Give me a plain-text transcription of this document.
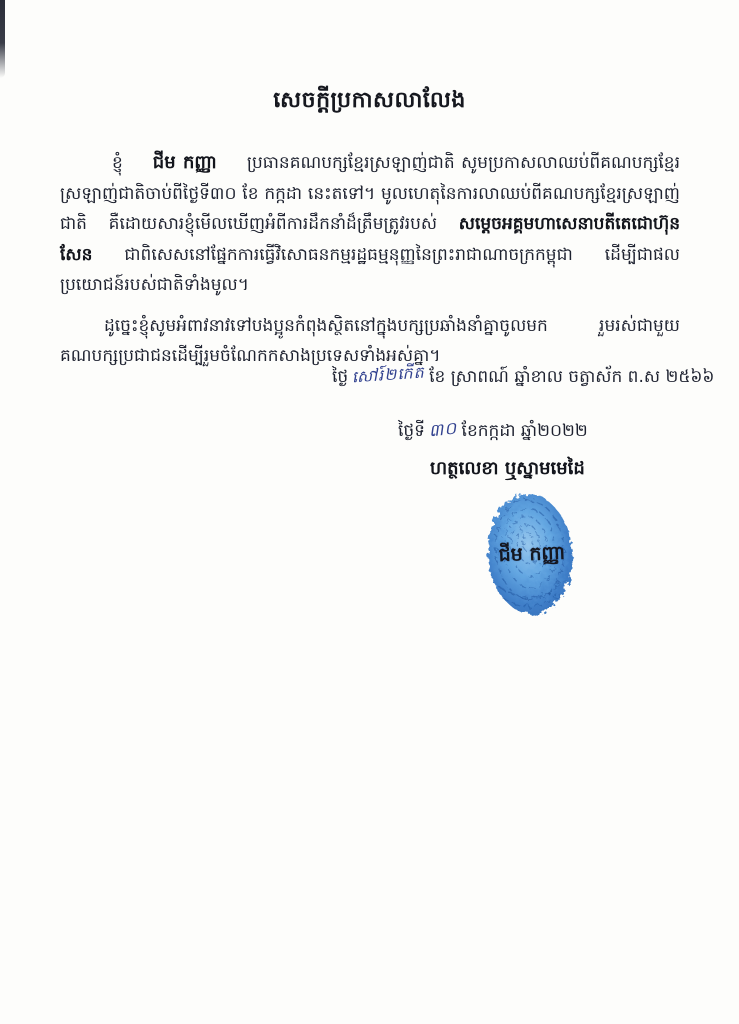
សេចក្ដីប្រកាសលាលែង

ខ្ញុំ ជីម កញ្ញា ប្រធានគណបក្សខ្មែរស្រឡាញ់ជាតិ សូមប្រកាសលាឈប់ពីគណបក្សខ្មែរស្រឡាញ់ជាតិចាប់ពីថ្ងៃទី៣០ ខែ កក្កដា នេះតទៅ។ មូលហេតុនៃការលាឈប់ពីគណបក្សខ្មែរស្រឡាញ់ជាតិ គឺដោយសារខ្ញុំមើលឃើញអំពីការដឹកនាំដ៏ត្រឹមត្រូវរបស់ សម្ដេចអគ្គមហាសេនាបតីតេជោហ៊ុន សែន ជាពិសេសនៅផ្នែកការធ្វើវិសោធនកម្មរដ្ឋធម្មនុញ្ញនៃព្រះរាជាណាចក្រកម្ពុជា ដើម្បីជាផលប្រយោជន៍របស់ជាតិទាំងមូល។

ដូច្នេះខ្ញុំសូមអំពាវនាវទៅបងប្អូនកំពុងស្ថិតនៅក្នុងបក្សប្រឆាំងនាំគ្នាចូលមក រួមរស់ជាមួយគណបក្សប្រជាជនដើម្បីរួមចំណែកកសាងប្រទេសទាំងអស់គ្នា។

ថ្ងៃ សៅរ៍២កើត ខែ ស្រាពណ៍ ឆ្នាំខាល ចត្វាស័ក ព.ស ២៥៦៦
ថ្ងៃទី ៣០ ខែកក្កដា ឆ្នាំ២០២២
ហត្ថលេខា ឬស្នាមមេដៃ
ជីម កញ្ញា
